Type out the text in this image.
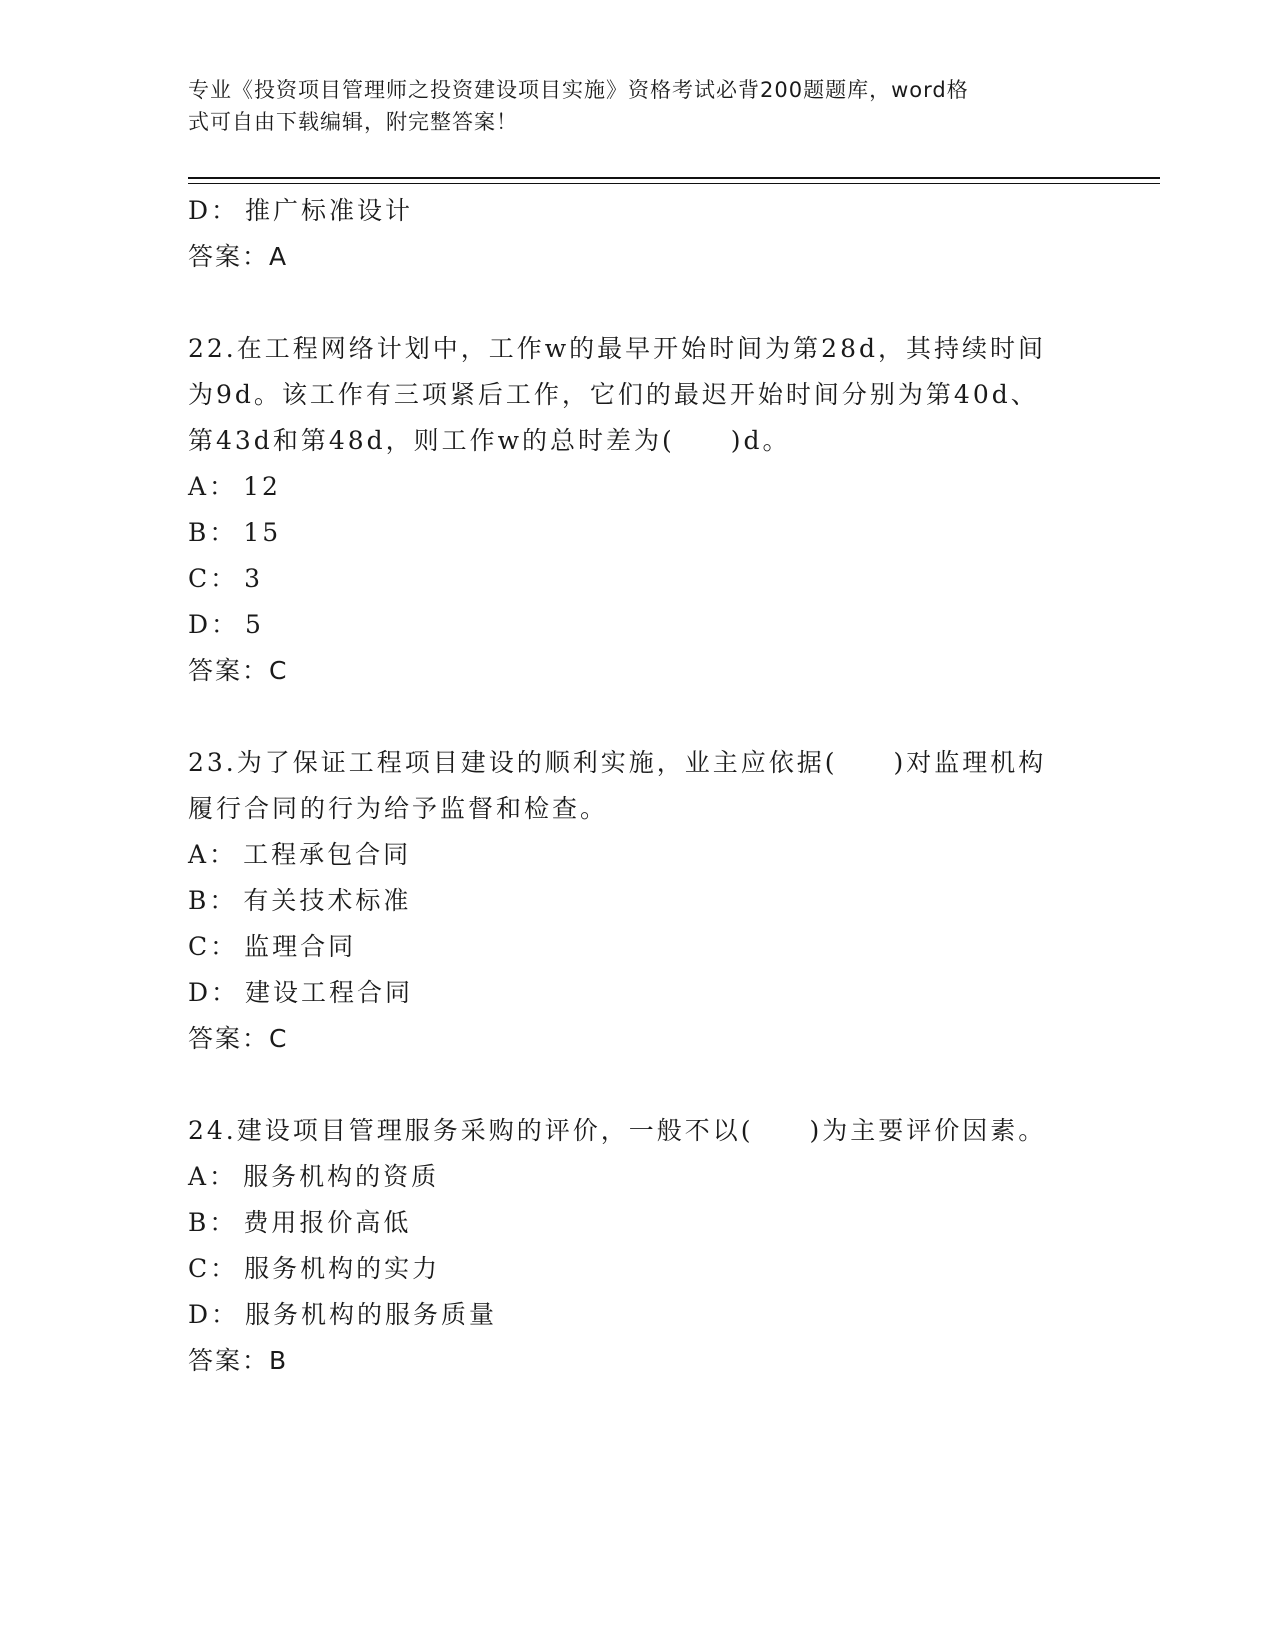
专业《投资项目管理师之投资建设项目实施》资格考试必背200题题库，word格
式可自由下载编辑，附完整答案！
D： 推广标准设计
答案：A
22.在工程网络计划中，工作w的最早开始时间为第28d，其持续时间
为9d。该工作有三项紧后工作，它们的最迟开始时间分别为第40d、
第43d和第48d，则工作w的总时差为(　　)d。
A： 12
B： 15
C： 3
D： 5
答案：C
23.为了保证工程项目建设的顺利实施，业主应依据(　　)对监理机构
履行合同的行为给予监督和检查。
A： 工程承包合同
B： 有关技术标准
C： 监理合同
D： 建设工程合同
答案：C
24.建设项目管理服务采购的评价，一般不以(　　)为主要评价因素。
A： 服务机构的资质
B： 费用报价高低
C： 服务机构的实力
D： 服务机构的服务质量
答案：B
